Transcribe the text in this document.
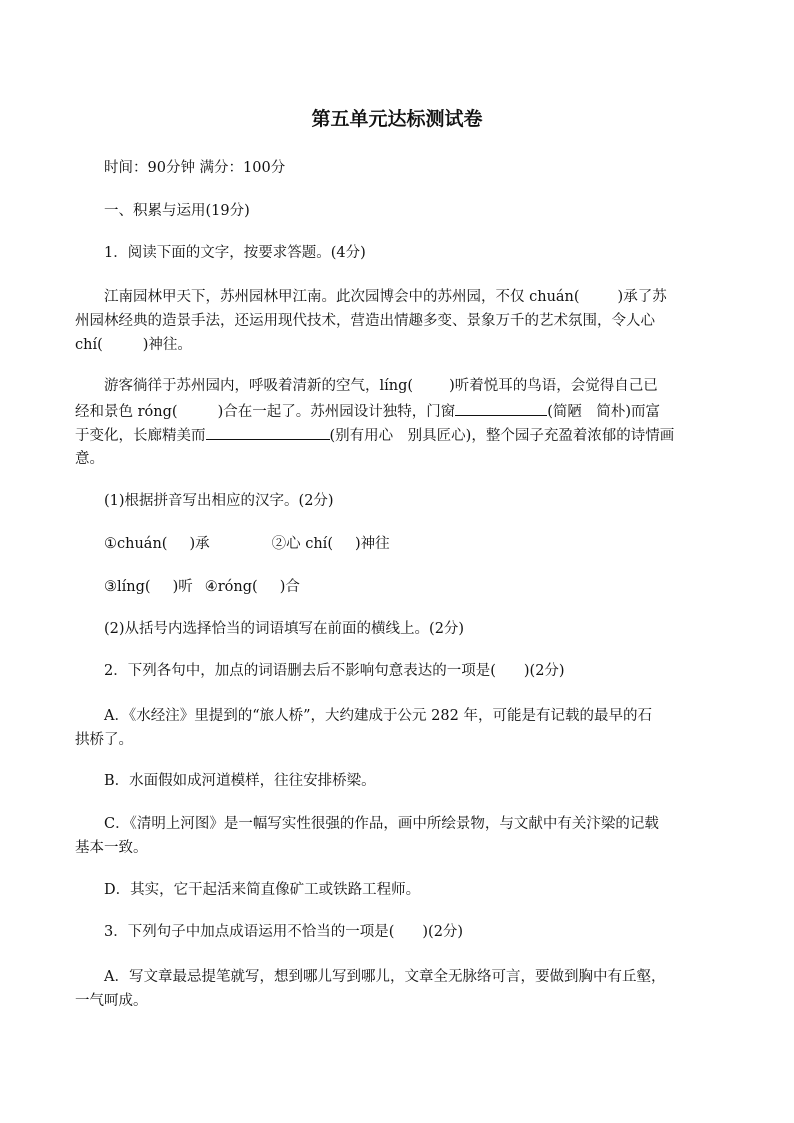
第五单元达标测试卷
时间：90分钟 满分：100分
一、积累与运用(19分)
1．阅读下面的文字，按要求答题。(4分)
江南园林甲天下，苏州园林甲江南。此次园博会中的苏州园，不仅 chuán(	)承了苏
州园林经典的造景手法，还运用现代技术，营造出情趣多变、景象万千的艺术氛围，令人心
chí(	)神往。
游客徜徉于苏州园内，呼吸着清新的空气，líng( )听着悦耳的鸟语，会觉得自己已
经和景色 róng(	)合在一起了。苏州园设计独特，门窗	(简陋　简朴)而富
于变化，长廊精美而	(别有用心　别具匠心)，整个园子充盈着浓郁的诗情画
意。
(1)根据拼音写出相应的汉字。(2分)
①chuán( )承	②心 chí( )神往
③líng( )听 ④róng( )合
(2)从括号内选择恰当的词语填写在前面的横线上。(2分)
2．下列各句中，加点的词语删去后不影响句意表达的一项是( )(2分)
A．《水经注》里提到的“旅人桥”，大约建成于公元 282 年，可能是有记载的最早的石
拱桥了。
B．水面假如成河道模样，往往安排桥梁。
C．《清明上河图》是一幅写实性很强的作品，画中所绘景物，与文献中有关汴梁的记载
基本一致。
D．其实，它干起活来简直像矿工或铁路工程师。
3．下列句子中加点成语运用不恰当的一项是( )(2分)
A．写文章最忌提笔就写，想到哪儿写到哪儿，文章全无脉络可言，要做到胸中有丘壑，
一气呵成。
